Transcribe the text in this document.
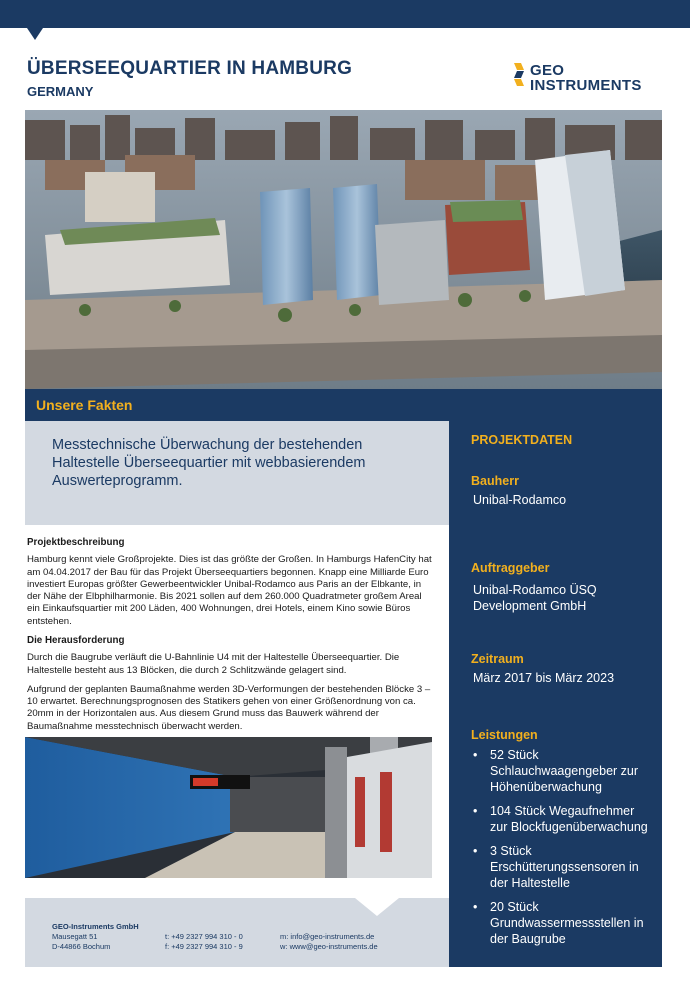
ÜBERSEEQUARTIER IN HAMBURG
GERMANY
GEO
INSTRUMENTS
Unsere Fakten
Messtechnische Überwachung der bestehenden Haltestelle Überseequartier mit webbasierendem Auswerteprogramm.
Projektbeschreibung
Hamburg kennt viele Großprojekte. Dies ist das größte der Großen. In Hamburgs HafenCity hat am 04.04.2017 der Bau für das Projekt Überseequartiers begonnen. Knapp eine Milliarde Euro investiert Europas größter Gewerbeentwickler Unibal-Rodamco aus Paris an der Elbkante, in der Nähe der Elbphilharmonie. Bis 2021 sollen auf dem 260.000 Quadratmeter großem Areal ein Einkaufsquartier mit 200 Läden, 400 Wohnungen, drei Hotels, einem Kino sowie Büros entstehen.
Die Herausforderung
Durch die Baugrube verläuft die U-Bahnlinie U4 mit der Haltestelle Überseequartier. Die Haltestelle besteht aus 13 Blöcken, die durch 2 Schlitzwände gelagert sind.
Aufgrund der geplanten Baumaßnahme werden 3D-Verformungen der bestehenden Blöcke 3 – 10 erwartet. Berechnungsprognosen des Statikers gehen von einer Größenordnung von ca. 20mm in der Horizontalen aus. Aus diesem Grund muss das Bauwerk während der Baumaßnahme messtechnisch überwacht werden.
PROJEKTDATEN
Bauherr
Unibal-Rodamco
Auftraggeber
Unibal-Rodamco ÜSQ Development GmbH
Zeitraum
März 2017 bis März 2023
Leistungen
• 52 Stück Schlauchwaagengeber zur Höhenüberwachung
• 104 Stück Wegaufnehmer zur Blockfugenüberwachung
• 3 Stück Erschütterungssensoren in der Haltestelle
• 20 Stück Grundwassermessstellen in der Baugrube
GEO-Instruments GmbH
Mausegatt 51
D-44866 Bochum
t: +49 2327 994 310 - 0
f: +49 2327 994 310 - 9
m: info@geo-instruments.de
w: www@geo-instruments.de
